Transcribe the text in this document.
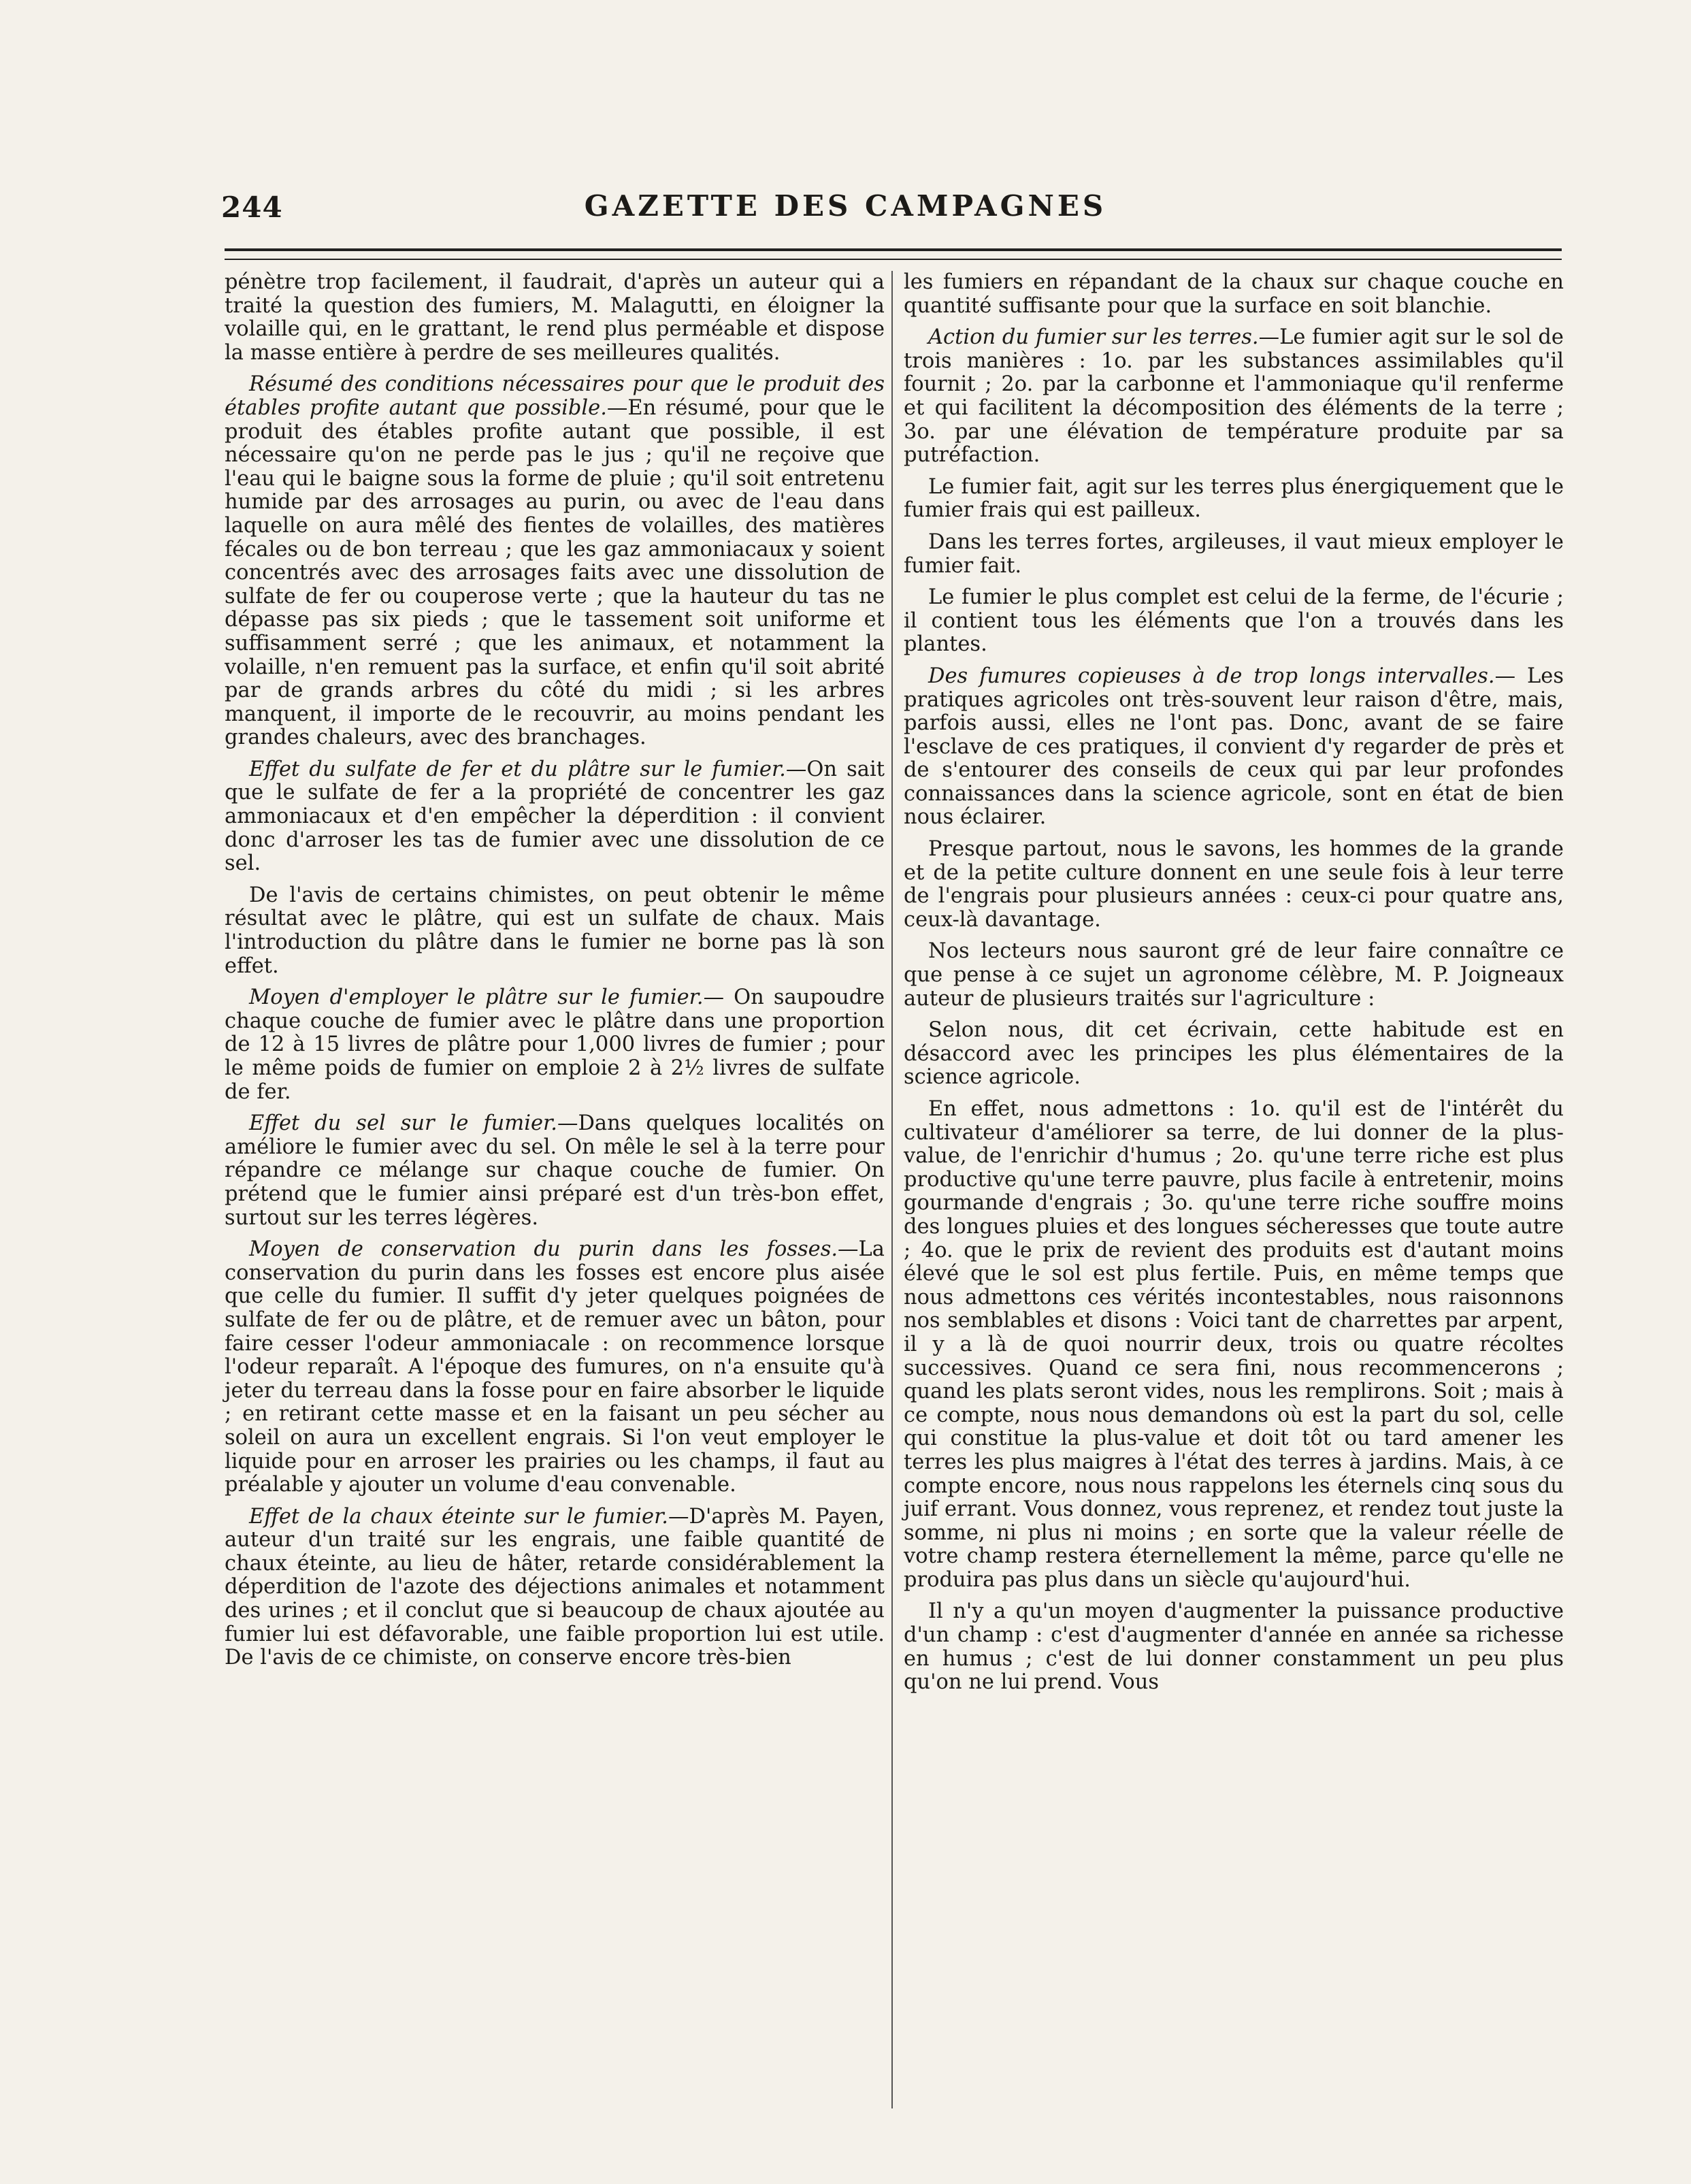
244	GAZETTE DES CAMPAGNES

pénètre trop facilement, il faudrait, d'après un auteur qui a traité la question des fumiers, M. Malagutti, en éloigner la volaille qui, en le grattant, le rend plus perméable et dispose la masse entière à perdre de ses meilleures qualités.

Résumé des conditions nécessaires pour que le produit des étables profite autant que possible.—En résumé, pour que le produit des étables profite autant que possible, il est nécessaire qu'on ne perde pas le jus ; qu'il ne reçoive que l'eau qui le baigne sous la forme de pluie ; qu'il soit entretenu humide par des arrosages au purin, ou avec de l'eau dans laquelle on aura mêlé des fientes de volailles, des matières fécales ou de bon terreau ; que les gaz ammoniacaux y soient concentrés avec des arrosages faits avec une dissolution de sulfate de fer ou couperose verte ; que la hauteur du tas ne dépasse pas six pieds ; que le tassement soit uniforme et suffisamment serré ; que les animaux, et notamment la volaille, n'en remuent pas la surface, et enfin qu'il soit abrité par de grands arbres du côté du midi ; si les arbres manquent, il importe de le recouvrir, au moins pendant les grandes chaleurs, avec des branchages.

Effet du sulfate de fer et du plâtre sur le fumier.—On sait que le sulfate de fer a la propriété de concentrer les gaz ammoniacaux et d'en empêcher la déperdition : il convient donc d'arroser les tas de fumier avec une dissolution de ce sel.

De l'avis de certains chimistes, on peut obtenir le même résultat avec le plâtre, qui est un sulfate de chaux. Mais l'introduction du plâtre dans le fumier ne borne pas là son effet.

Moyen d'employer le plâtre sur le fumier.— On saupoudre chaque couche de fumier avec le plâtre dans une proportion de 12 à 15 livres de plâtre pour 1,000 livres de fumier ; pour le même poids de fumier on emploie 2 à 2½ livres de sulfate de fer.

Effet du sel sur le fumier.—Dans quelques localités on améliore le fumier avec du sel. On mêle le sel à la terre pour répandre ce mélange sur chaque couche de fumier. On prétend que le fumier ainsi préparé est d'un très-bon effet, surtout sur les terres légères.

Moyen de conservation du purin dans les fosses.—La conservation du purin dans les fosses est encore plus aisée que celle du fumier. Il suffit d'y jeter quelques poignées de sulfate de fer ou de plâtre, et de remuer avec un bâton, pour faire cesser l'odeur ammoniacale : on recommence lorsque l'odeur reparaît. A l'époque des fumures, on n'a ensuite qu'à jeter du terreau dans la fosse pour en faire absorber le liquide ; en retirant cette masse et en la faisant un peu sécher au soleil on aura un excellent engrais. Si l'on veut employer le liquide pour en arroser les prairies ou les champs, il faut au préalable y ajouter un volume d'eau convenable.

Effet de la chaux éteinte sur le fumier.—D'après M. Payen, auteur d'un traité sur les engrais, une faible quantité de chaux éteinte, au lieu de hâter, retarde considérablement la déperdition de l'azote des déjections animales et notamment des urines ; et il conclut que si beaucoup de chaux ajoutée au fumier lui est défavorable, une faible proportion lui est utile. De l'avis de ce chimiste, on conserve encore très-bien

les fumiers en répandant de la chaux sur chaque couche en quantité suffisante pour que la surface en soit blanchie.

Action du fumier sur les terres.—Le fumier agit sur le sol de trois manières : 1o. par les substances assimilables qu'il fournit ; 2o. par la carbonne et l'ammoniaque qu'il renferme et qui facilitent la décomposition des éléments de la terre ; 3o. par une élévation de température produite par sa putréfaction.

Le fumier fait, agit sur les terres plus énergiquement que le fumier frais qui est pailleux.

Dans les terres fortes, argileuses, il vaut mieux employer le fumier fait.

Le fumier le plus complet est celui de la ferme, de l'écurie ; il contient tous les éléments que l'on a trouvés dans les plantes.

Des fumures copieuses à de trop longs intervalles.— Les pratiques agricoles ont très-souvent leur raison d'être, mais, parfois aussi, elles ne l'ont pas. Donc, avant de se faire l'esclave de ces pratiques, il convient d'y regarder de près et de s'entourer des conseils de ceux qui par leur profondes connaissances dans la science agricole, sont en état de bien nous éclairer.

Presque partout, nous le savons, les hommes de la grande et de la petite culture donnent en une seule fois à leur terre de l'engrais pour plusieurs années : ceux-ci pour quatre ans, ceux-là davantage.

Nos lecteurs nous sauront gré de leur faire connaître ce que pense à ce sujet un agronome célèbre, M. P. Joigneaux auteur de plusieurs traités sur l'agriculture :

Selon nous, dit cet écrivain, cette habitude est en désaccord avec les principes les plus élémentaires de la science agricole.

En effet, nous admettons : 1o. qu'il est de l'intérêt du cultivateur d'améliorer sa terre, de lui donner de la plus-value, de l'enrichir d'humus ; 2o. qu'une terre riche est plus productive qu'une terre pauvre, plus facile à entretenir, moins gourmande d'engrais ; 3o. qu'une terre riche souffre moins des longues pluies et des longues sécheresses que toute autre ; 4o. que le prix de revient des produits est d'autant moins élevé que le sol est plus fertile. Puis, en même temps que nous admettons ces vérités incontestables, nous raisonnons nos semblables et disons : Voici tant de charrettes par arpent, il y a là de quoi nourrir deux, trois ou quatre récoltes successives. Quand ce sera fini, nous recommencerons ; quand les plats seront vides, nous les remplirons. Soit ; mais à ce compte, nous nous demandons où est la part du sol, celle qui constitue la plus-value et doit tôt ou tard amener les terres les plus maigres à l'état des terres à jardins. Mais, à ce compte encore, nous nous rappelons les éternels cinq sous du juif errant. Vous donnez, vous reprenez, et rendez tout juste la somme, ni plus ni moins ; en sorte que la valeur réelle de votre champ restera éternellement la même, parce qu'elle ne produira pas plus dans un siècle qu'aujourd'hui.

Il n'y a qu'un moyen d'augmenter la puissance productive d'un champ : c'est d'augmenter d'année en année sa richesse en humus ; c'est de lui donner constamment un peu plus qu'on ne lui prend. Vous
